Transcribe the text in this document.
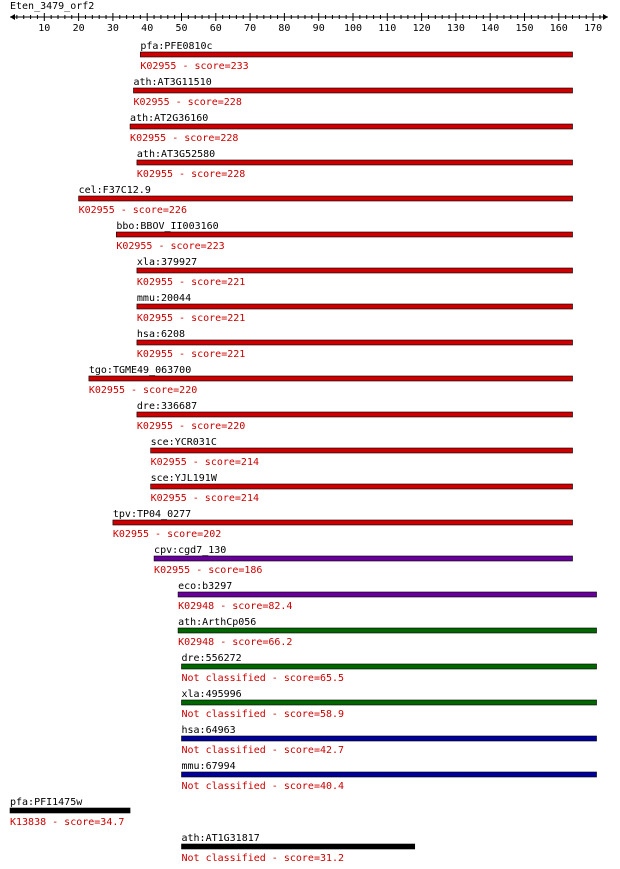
Eten_3479_orf2
10 20 30 40 50 60 70 80 90 100 110 120 130 140 150 160 170
pfa:PFE0810c
K02955 - score=233
ath:AT3G11510
K02955 - score=228
ath:AT2G36160
K02955 - score=228
ath:AT3G52580
K02955 - score=228
cel:F37C12.9
K02955 - score=226
bbo:BBOV_II003160
K02955 - score=223
xla:379927
K02955 - score=221
mmu:20044
K02955 - score=221
hsa:6208
K02955 - score=221
tgo:TGME49_063700
K02955 - score=220
dre:336687
K02955 - score=220
sce:YCR031C
K02955 - score=214
sce:YJL191W
K02955 - score=214
tpv:TP04_0277
K02955 - score=202
cpv:cgd7_130
K02955 - score=186
eco:b3297
K02948 - score=82.4
ath:ArthCp056
K02948 - score=66.2
dre:556272
Not classified - score=65.5
xla:495996
Not classified - score=58.9
hsa:64963
Not classified - score=42.7
mmu:67994
Not classified - score=40.4
pfa:PFI1475w
K13838 - score=34.7
ath:AT1G31817
Not classified - score=31.2
